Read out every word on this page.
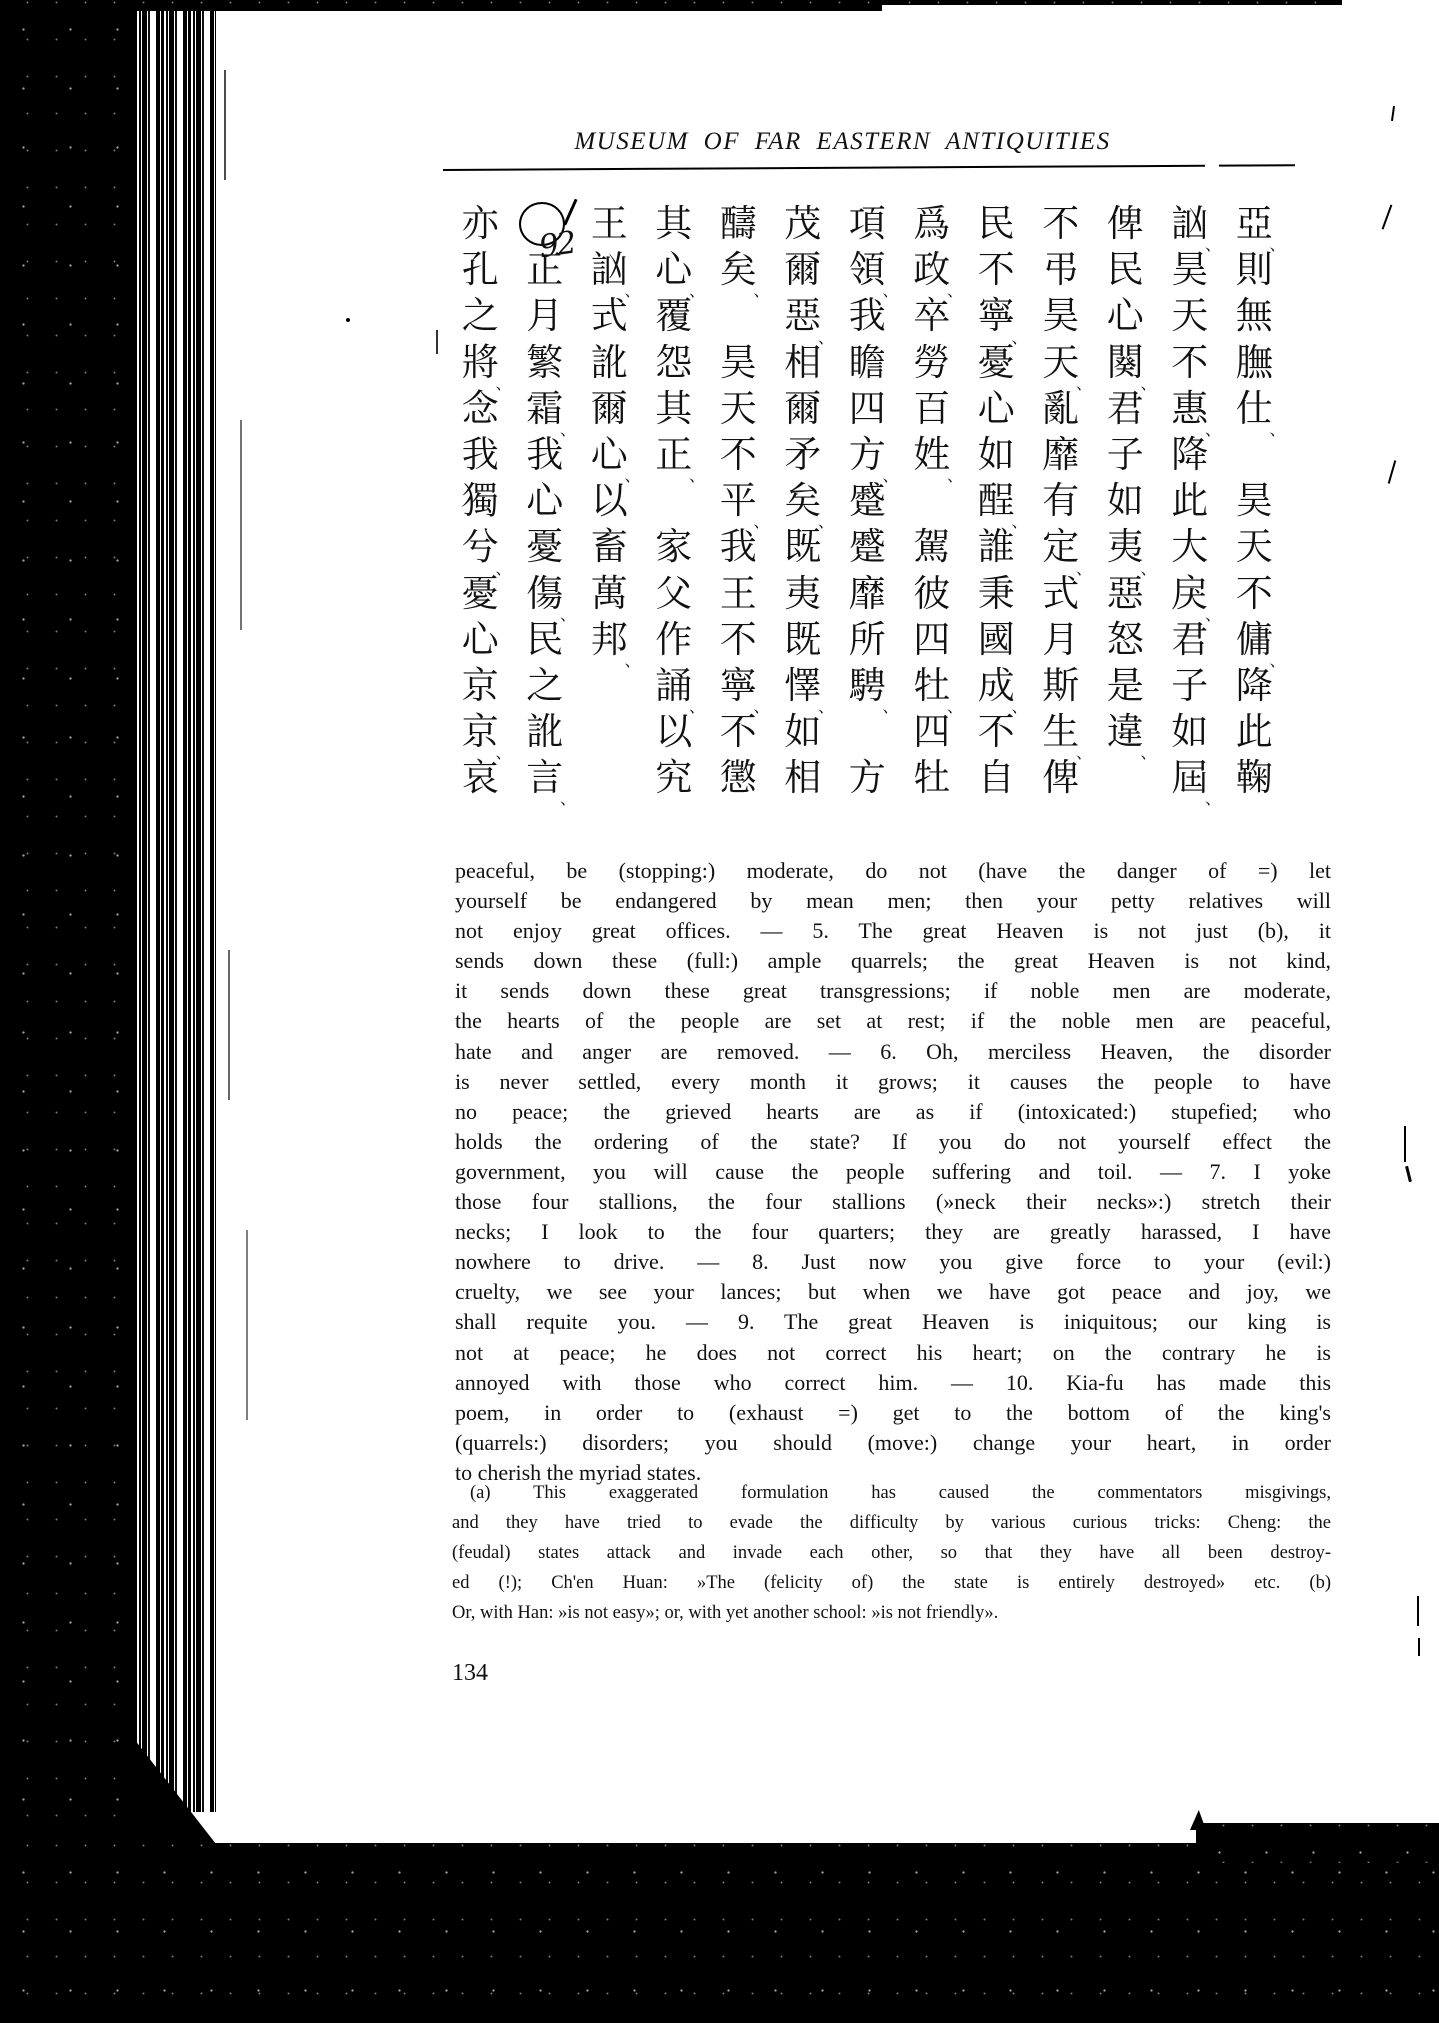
MUSEUM OF FAR EASTERN ANTIQUITIES
亞
、
則
無
膴
仕
、
昊
天
不
傭
、
降
此
鞠
訩
、
昊
天
不
惠
、
降
此
大
戾
、
君
子
如
屆
、
俾
民
心
闋
、
君
子
如
夷
、
惡
怒
是
違
、
不
弔
昊
天
、
亂
靡
有
定
、
式
月
斯
生
、
俾
民
不
寧
、
憂
心
如
酲
、
誰
秉
國
成
、
不
自
爲
政
、
卒
勞
百
姓
、
駕
彼
四
牡
、
四
牡
項
領
、
我
瞻
四
方
、
蹙
蹙
靡
所
騁
、
方
茂
爾
惡
、
相
爾
矛
矣
、
既
夷
既
懌
、
如
相
醻
矣
、
昊
天
不
平
、
我
王
不
寧
、
不
懲
其
心
、
覆
怨
其
正
、
家
父
作
誦
、
以
究
王
訩
、
式
訛
爾
心
、
以
畜
萬
邦
、
92
正
月
繁
霜
、
我
心
憂
傷
、
民
之
訛
言
、
亦
孔
之
將
、
念
我
獨
兮
、
憂
心
京
京
、
哀
peaceful, be (stopping:) moderate, do not (have the danger of =) let
yourself be endangered by mean men; then your petty relatives will
not enjoy great offices. — 5. The great Heaven is not just (b), it
sends down these (full:) ample quarrels; the great Heaven is not kind,
it sends down these great transgressions; if noble men are moderate,
the hearts of the people are set at rest; if the noble men are peaceful,
hate and anger are removed. — 6. Oh, merciless Heaven, the disorder
is never settled, every month it grows; it causes the people to have
no peace; the grieved hearts are as if (intoxicated:) stupefied; who
holds the ordering of the state? If you do not yourself effect the
government, you will cause the people suffering and toil. — 7. I yoke
those four stallions, the four stallions (»neck their necks»:) stretch their
necks; I look to the four quarters; they are greatly harassed, I have
nowhere to drive. — 8. Just now you give force to your (evil:)
cruelty, we see your lances; but when we have got peace and joy, we
shall requite you. — 9. The great Heaven is iniquitous; our king is
not at peace; he does not correct his heart; on the contrary he is
annoyed with those who correct him. — 10. Kia-fu has made this
poem, in order to (exhaust =) get to the bottom of the king's
(quarrels:) disorders; you should (move:) change your heart, in order
to cherish the myriad states.
(a) This exaggerated formulation has caused the commentators misgivings,
and they have tried to evade the difficulty by various curious tricks: Cheng: the
(feudal) states attack and invade each other, so that they have all been destroy-
ed (!); Ch'en Huan: »The (felicity of) the state is entirely destroyed» etc. (b)
Or, with Han: »is not easy»; or, with yet another school: »is not friendly».
134
